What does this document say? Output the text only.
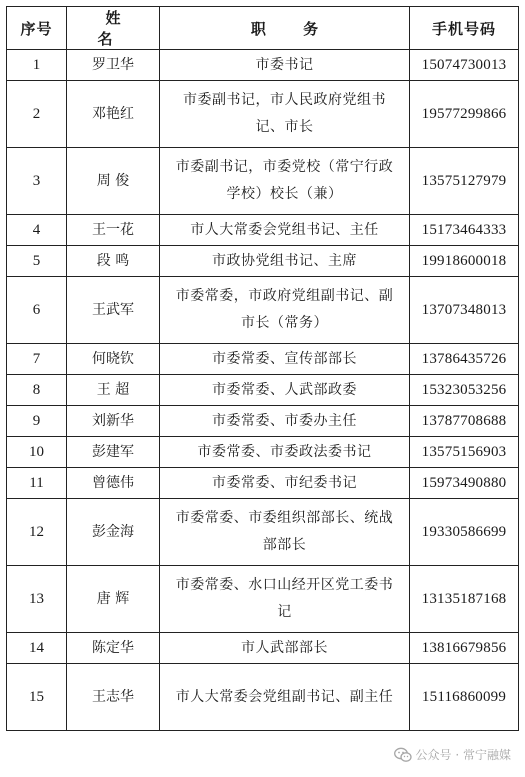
序号	姓 名	职 务	手机号码
1	罗卫华	市委书记	15074730013
2	邓艳红	市委副书记，市人民政府党组书记、市长	19577299866
3	周 俊	市委副书记，市委党校（常宁行政学校）校长（兼）	13575127979
4	王一花	市人大常委会党组书记、主任	15173464333
5	段 鸣	市政协党组书记、主席	19918600018
6	王武军	市委常委，市政府党组副书记、副市长（常务）	13707348013
7	何晓钦	市委常委、宣传部部长	13786435726
8	王 超	市委常委、人武部政委	15323053256
9	刘新华	市委常委、市委办主任	13787708688
10	彭建军	市委常委、市委政法委书记	13575156903
11	曾德伟	市委常委、市纪委书记	15973490880
12	彭金海	市委常委、市委组织部部长、统战部部长	19330586699
13	唐 辉	市委常委、水口山经开区党工委书记	13135187168
14	陈定华	市人武部部长	13816679856
15	王志华	市人大常委会党组副书记、副主任	15116860099
公众号 · 常宁融媒
